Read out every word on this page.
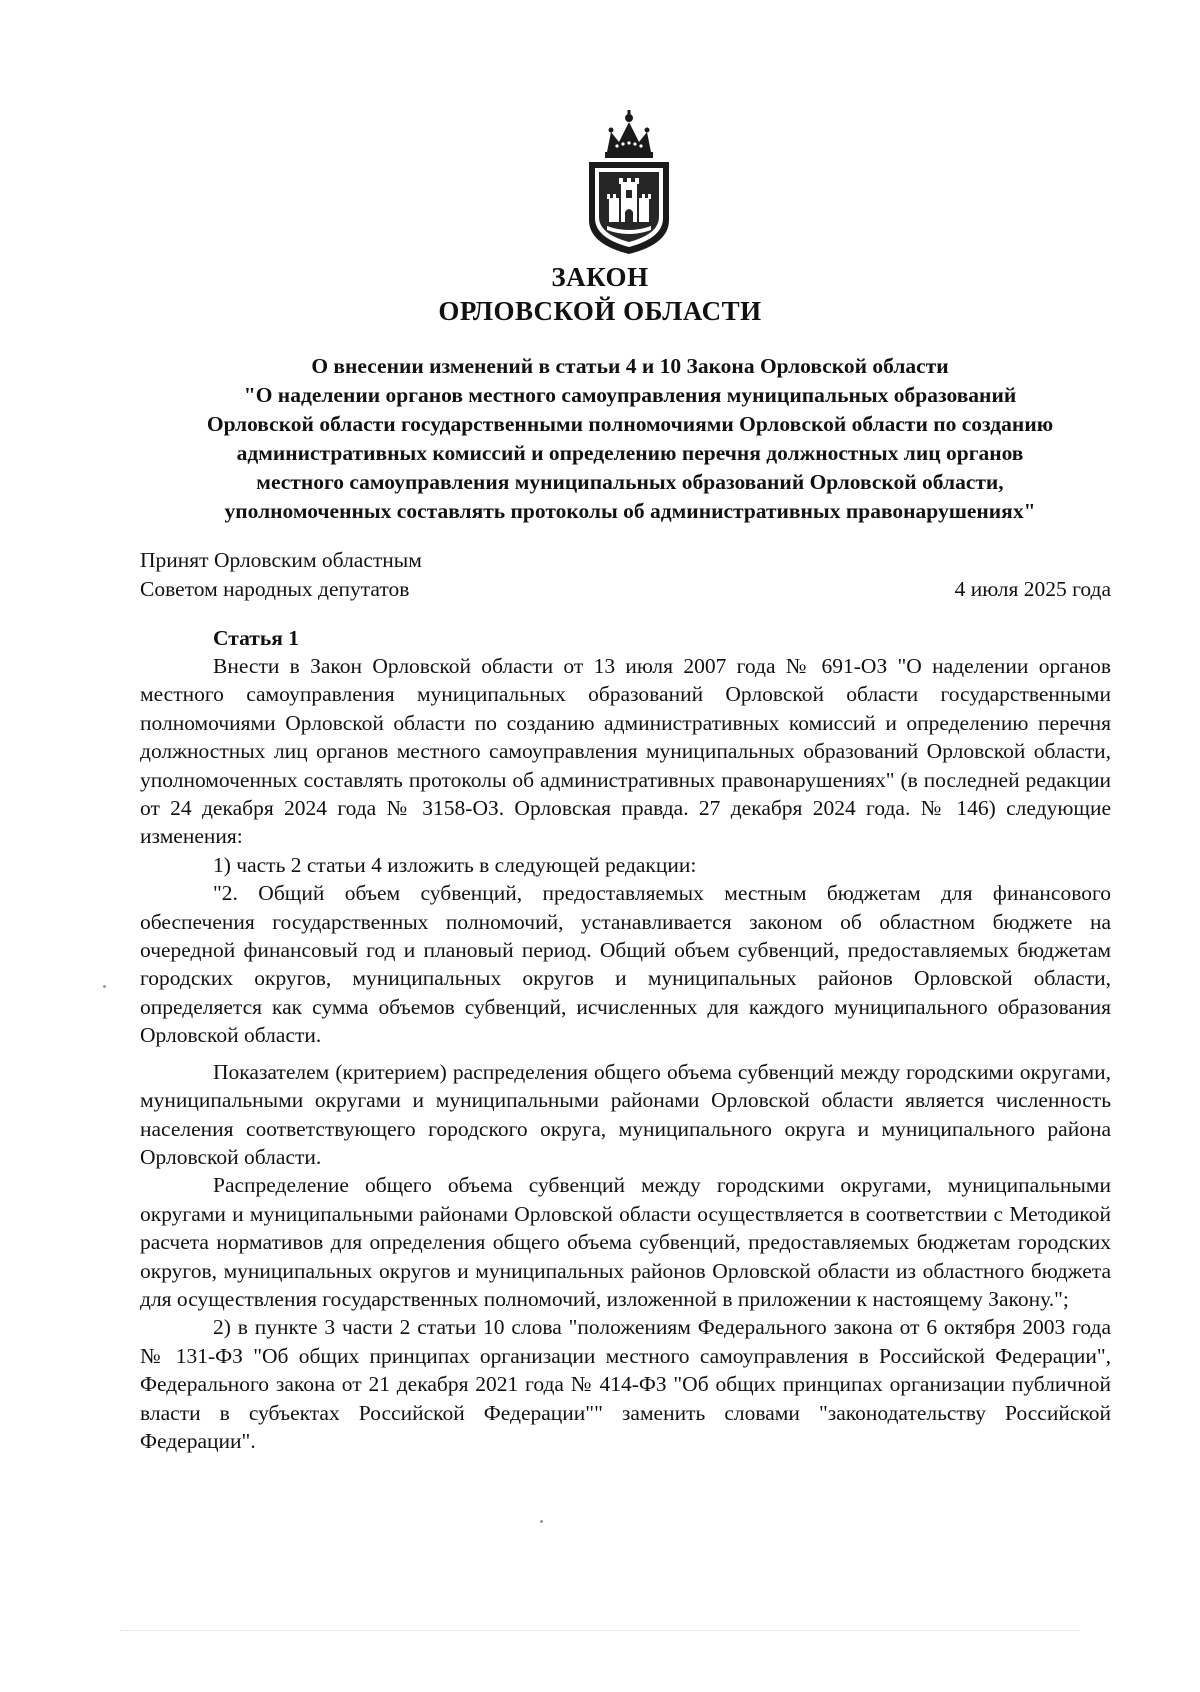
ЗАКОН
ОРЛОВСКОЙ ОБЛАСТИ
О внесении изменений в статьи 4 и 10 Закона Орловской области
"О наделении органов местного самоуправления муниципальных образований
Орловской области государственными полномочиями Орловской области по созданию
административных комиссий и определению перечня должностных лиц органов
местного самоуправления муниципальных образований Орловской области,
уполномоченных составлять протоколы об административных правонарушениях"
Принят Орловским областным
Советом народных депутатов	4 июля 2025 года
Статья 1

Внести в Закон Орловской области от 13 июля 2007 года № 691-ОЗ "О наделении органов местного самоуправления муниципальных образований Орловской области государственными полномочиями Орловской области по созданию административных комиссий и определению перечня должностных лиц органов местного самоуправления муниципальных образований Орловской области, уполномоченных составлять протоколы об административных правонарушениях" (в последней редакции от 24 декабря 2024 года № 3158-ОЗ. Орловская правда. 27 декабря 2024 года. № 146) следующие изменения:

1) часть 2 статьи 4 изложить в следующей редакции:

"2. Общий объем субвенций, предоставляемых местным бюджетам для финансового обеспечения государственных полномочий, устанавливается законом об областном бюджете на очередной финансовый год и плановый период. Общий объем субвенций, предоставляемых бюджетам городских округов, муниципальных округов и муниципальных районов Орловской области, определяется как сумма объемов субвенций, исчисленных для каждого муниципального образования Орловской области.

Показателем (критерием) распределения общего объема субвенций между городскими округами, муниципальными округами и муниципальными районами Орловской области является численность населения соответствующего городского округа, муниципального округа и муниципального района Орловской области.

Распределение общего объема субвенций между городскими округами, муниципальными округами и муниципальными районами Орловской области осуществляется в соответствии с Методикой расчета нормативов для определения общего объема субвенций, предоставляемых бюджетам городских округов, муниципальных округов и муниципальных районов Орловской области из областного бюджета для осуществления государственных полномочий, изложенной в приложении к настоящему Закону.";

2) в пункте 3 части 2 статьи 10 слова "положениям Федерального закона от 6 октября 2003 года № 131-ФЗ "Об общих принципах организации местного самоуправления в Российской Федерации", Федерального закона от 21 декабря 2021 года № 414-ФЗ "Об общих принципах организации публичной власти в субъектах Российской Федерации"" заменить словами "законодательству Российской Федерации".
